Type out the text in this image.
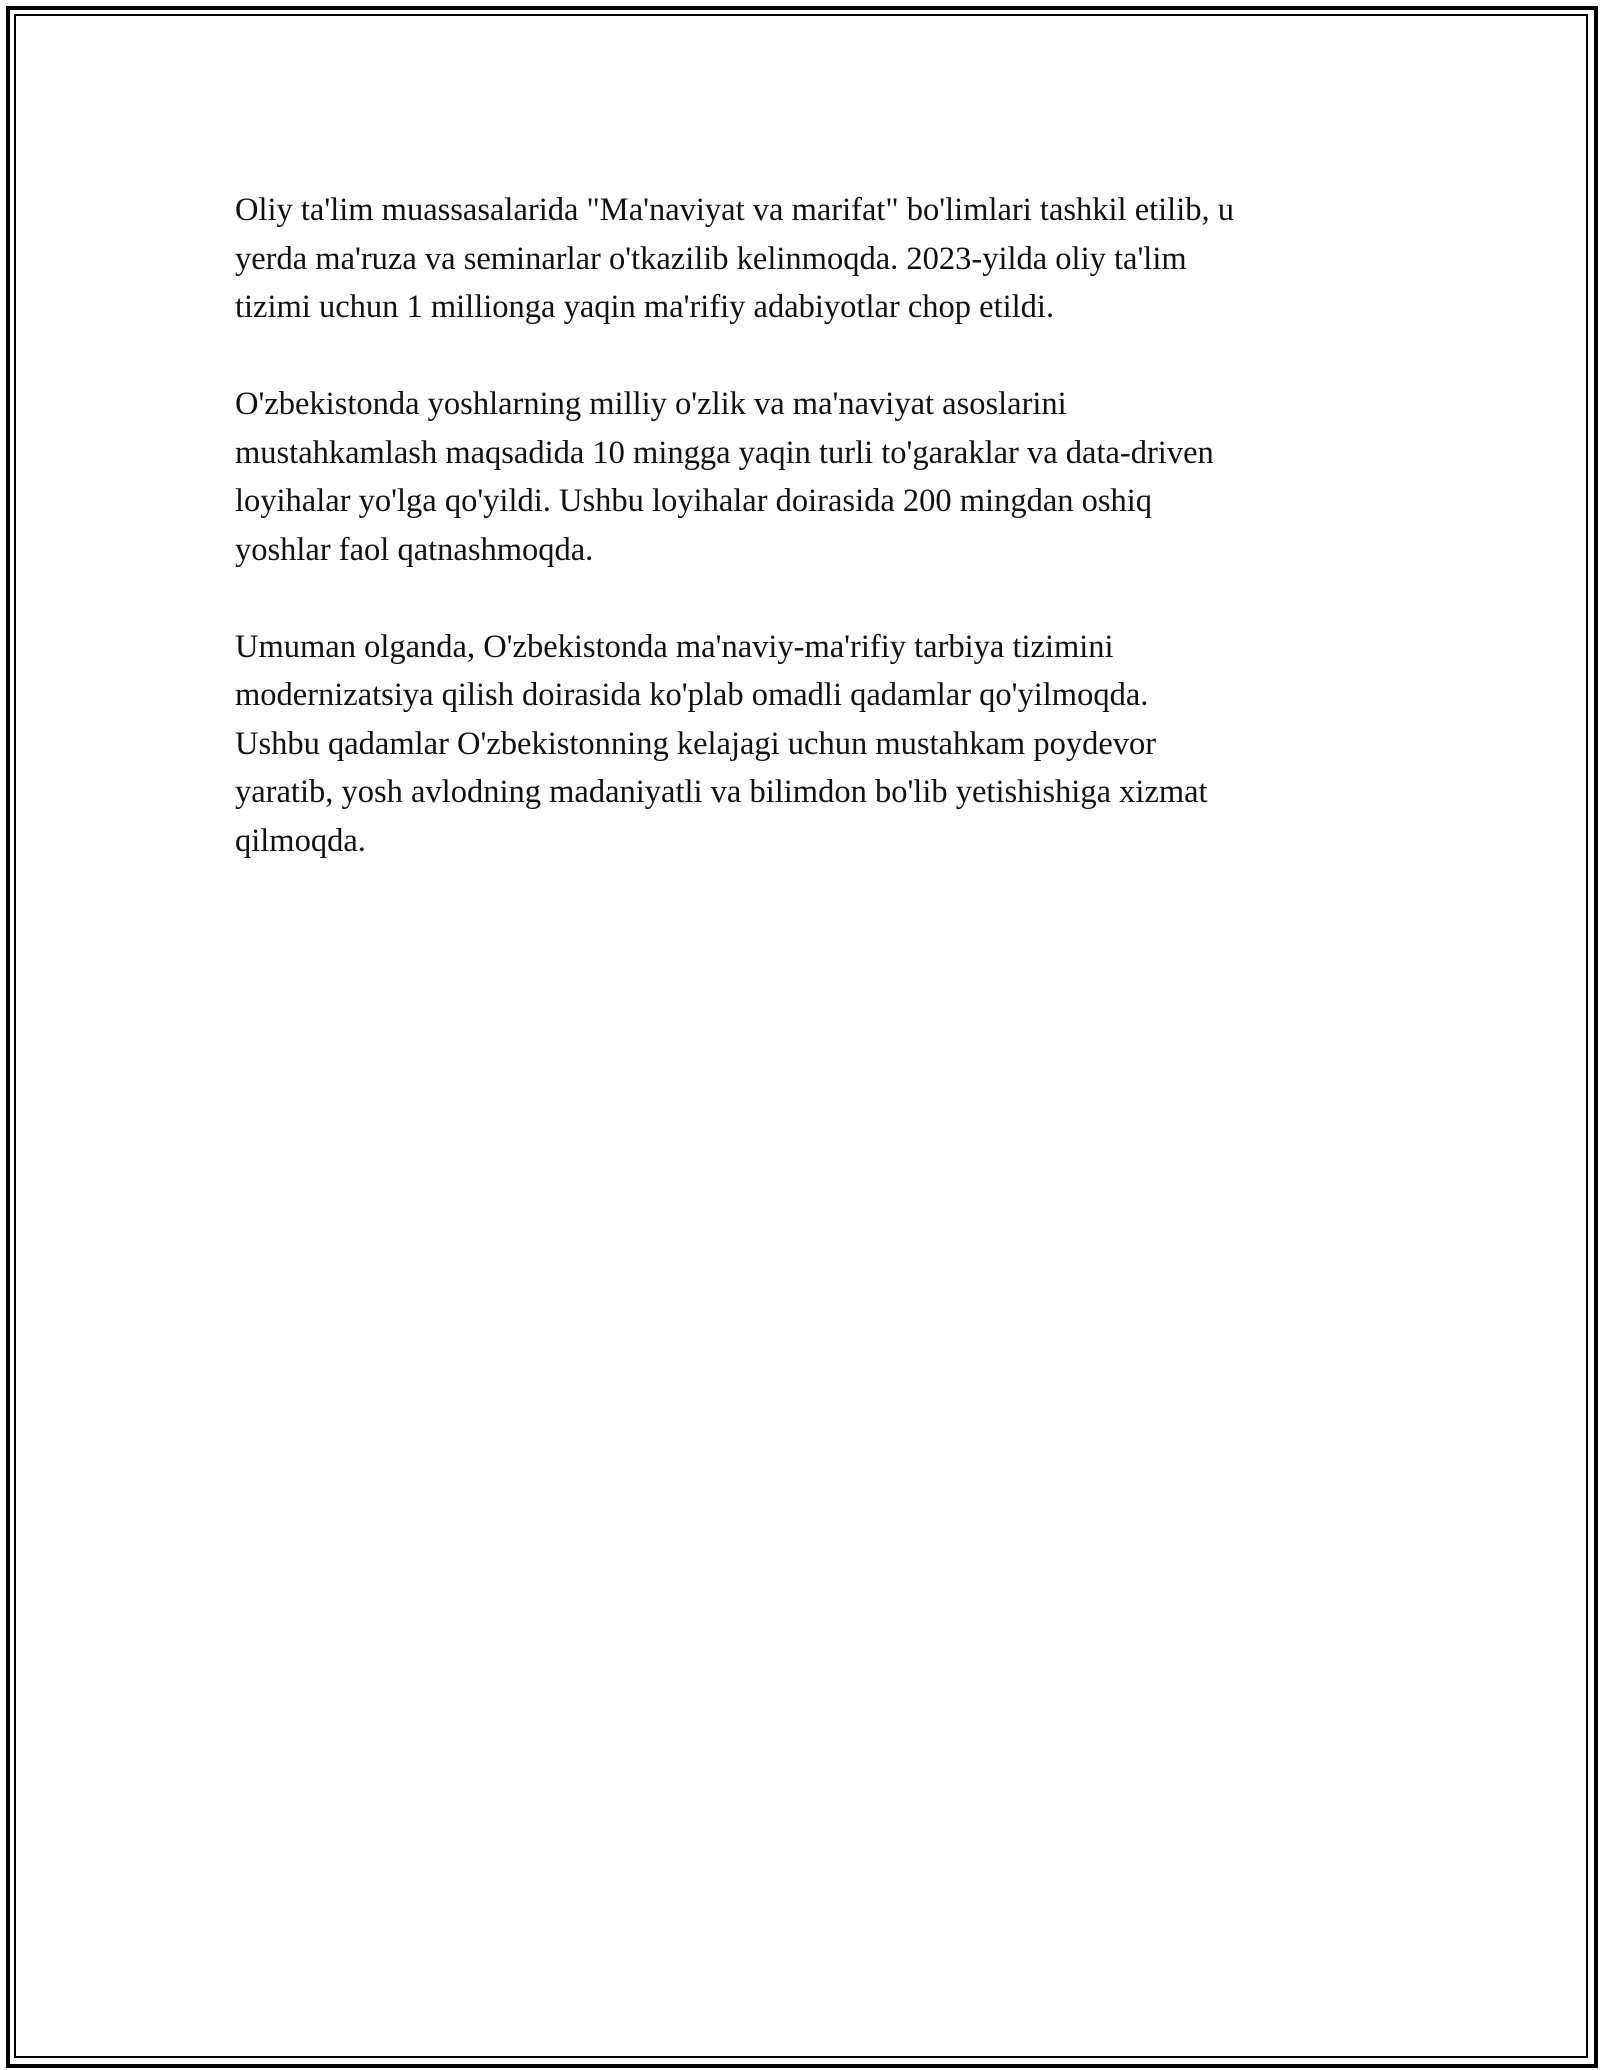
Oliy ta'lim muassasalarida "Ma'naviyat va marifat" bo'limlari tashkil etilib, u
yerda ma'ruza va seminarlar o'tkazilib kelinmoqda. 2023-yilda oliy ta'lim
tizimi uchun 1 millionga yaqin ma'rifiy adabiyotlar chop etildi.

O'zbekistonda yoshlarning milliy o'zlik va ma'naviyat asoslarini
mustahkamlash maqsadida 10 mingga yaqin turli to'garaklar va data-driven
loyihalar yo'lga qo'yildi. Ushbu loyihalar doirasida 200 mingdan oshiq
yoshlar faol qatnashmoqda.

Umuman olganda, O'zbekistonda ma'naviy-ma'rifiy tarbiya tizimini
modernizatsiya qilish doirasida ko'plab omadli qadamlar qo'yilmoqda.
Ushbu qadamlar O'zbekistonning kelajagi uchun mustahkam poydevor
yaratib, yosh avlodning madaniyatli va bilimdon bo'lib yetishishiga xizmat
qilmoqda.
